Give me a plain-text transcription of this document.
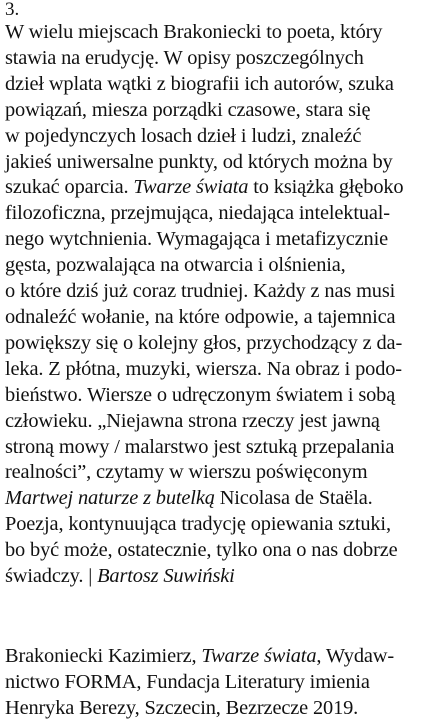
3.

W wielu miejscach Brakoniecki to poeta, który
stawia na erudycję. W opisy poszczególnych
dzieł wplata wątki z biografii ich autorów, szuka
powiązań, miesza porządki czasowe, stara się
w pojedynczych losach dzieł i ludzi, znaleźć
jakieś uniwersalne punkty, od których można by
szukać oparcia. Twarze świata to książka głęboko
filozoficzna, przejmująca, niedająca intelektual-
nego wytchnienia. Wymagająca i metafizycznie
gęsta, pozwalająca na otwarcia i olśnienia,
o które dziś już coraz trudniej. Każdy z nas musi
odnaleźć wołanie, na które odpowie, a tajemnica
powiększy się o kolejny głos, przychodzący z da-
leka. Z płótna, muzyki, wiersza. Na obraz i podo-
bieństwo. Wiersze o udręczonym światem i sobą
człowieku. „Niejawna strona rzeczy jest jawną
stroną mowy / malarstwo jest sztuką przepalania
realności”, czytamy w wierszu poświęconym
Martwej naturze z butelką Nicolasa de Staëla.
Poezja, kontynuująca tradycję opiewania sztuki,
bo być może, ostatecznie, tylko ona o nas dobrze
świadczy. | Bartosz Suwiński
Brakoniecki Kazimierz, Twarze świata, Wydaw-
nictwo FORMA, Fundacja Literatury imienia
Henryka Berezy, Szczecin, Bezrzecze 2019.
